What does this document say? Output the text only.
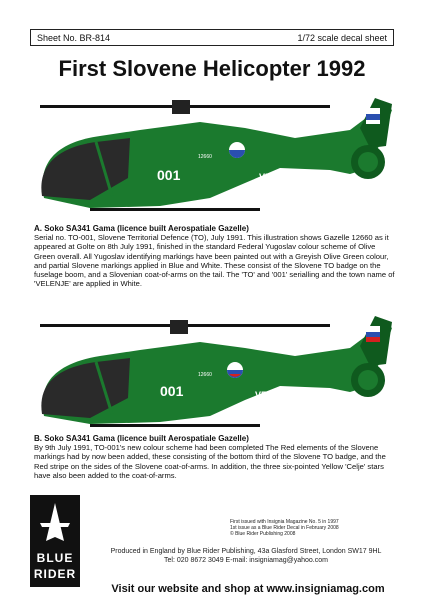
Sheet No. BR-814	1/72 scale decal sheet
First Slovene Helicopter 1992
TO
001
12660
VELENJE
A. Soko SA341 Gama (licence built Aerospatiale Gazelle)
Serial no. TO-001, Slovene Territorial Defence (TO), July 1991. This illustration shows Gazelle 12660 as it appeared at Golte on 8th July 1991, finished in the standard Federal Yugoslav colour scheme of Olive Green overall. All Yugoslav identifying markings have been painted out with a Greyish Olive Green colour, and partial Slovene markings applied in Blue and White. These consist of the Slovene TO badge on the fuselage boom, and a Slovenian coat-of-arms on the tail. The 'TO' and '001' serialling and the town name of 'VELENJE' are applied in White.
001
12660
VELENJE
B. Soko SA341 Gama (licence built Aerospatiale Gazelle)
By 9th July 1991, TO-001's new colour scheme had been completed The Red elements of the Slovene markings had by now been added, these consisting of the bottom third of the Slovene TO badge, and the Red stripe on the sides of the Slovene coat-of-arms. In addition, the three six-pointed Yellow 'Celje' stars have also been added to the coat-of-arms.
BLUE
RIDER
First issued with Insignia Magazine No. 5 in 1997
1st issue as a Blue Rider Decal in February 2008
© Blue Rider Publishing 2008
Produced in England by Blue Rider Publishing, 43a Glasford Street, London SW17 9HL
Tel: 020 8672 3049 E-mail: insigniamag@yahoo.com
Visit our website and shop at www.insigniamag.com
